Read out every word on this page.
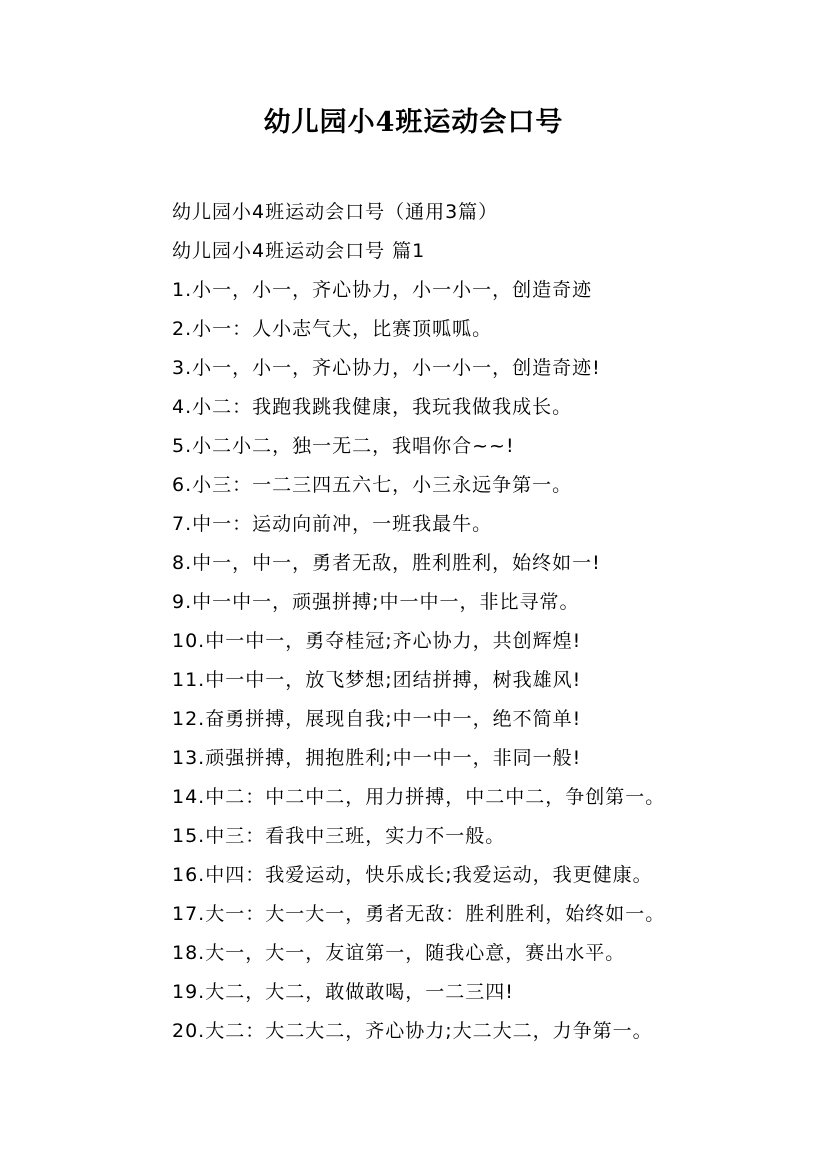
幼儿园小4班运动会口号
幼儿园小4班运动会口号（通用3篇）
幼儿园小4班运动会口号 篇1
1.小一，小一，齐心协力，小一小一，创造奇迹
2.小一：人小志气大，比赛顶呱呱。
3.小一，小一，齐心协力，小一小一，创造奇迹!
4.小二：我跑我跳我健康，我玩我做我成长。
5.小二小二，独一无二，我唱你合~~!
6.小三：一二三四五六七，小三永远争第一。
7.中一：运动向前冲，一班我最牛。
8.中一，中一，勇者无敌，胜利胜利，始终如一!
9.中一中一，顽强拼搏;中一中一，非比寻常。
10.中一中一，勇夺桂冠;齐心协力，共创辉煌!
11.中一中一，放飞梦想;团结拼搏，树我雄风!
12.奋勇拼搏，展现自我;中一中一，绝不简单!
13.顽强拼搏，拥抱胜利;中一中一，非同一般!
14.中二：中二中二，用力拼搏，中二中二，争创第一。
15.中三：看我中三班，实力不一般。
16.中四：我爱运动，快乐成长;我爱运动，我更健康。
17.大一：大一大一，勇者无敌：胜利胜利，始终如一。
18.大一，大一，友谊第一，随我心意，赛出水平。
19.大二，大二，敢做敢喝，一二三四!
20.大二：大二大二，齐心协力;大二大二，力争第一。
